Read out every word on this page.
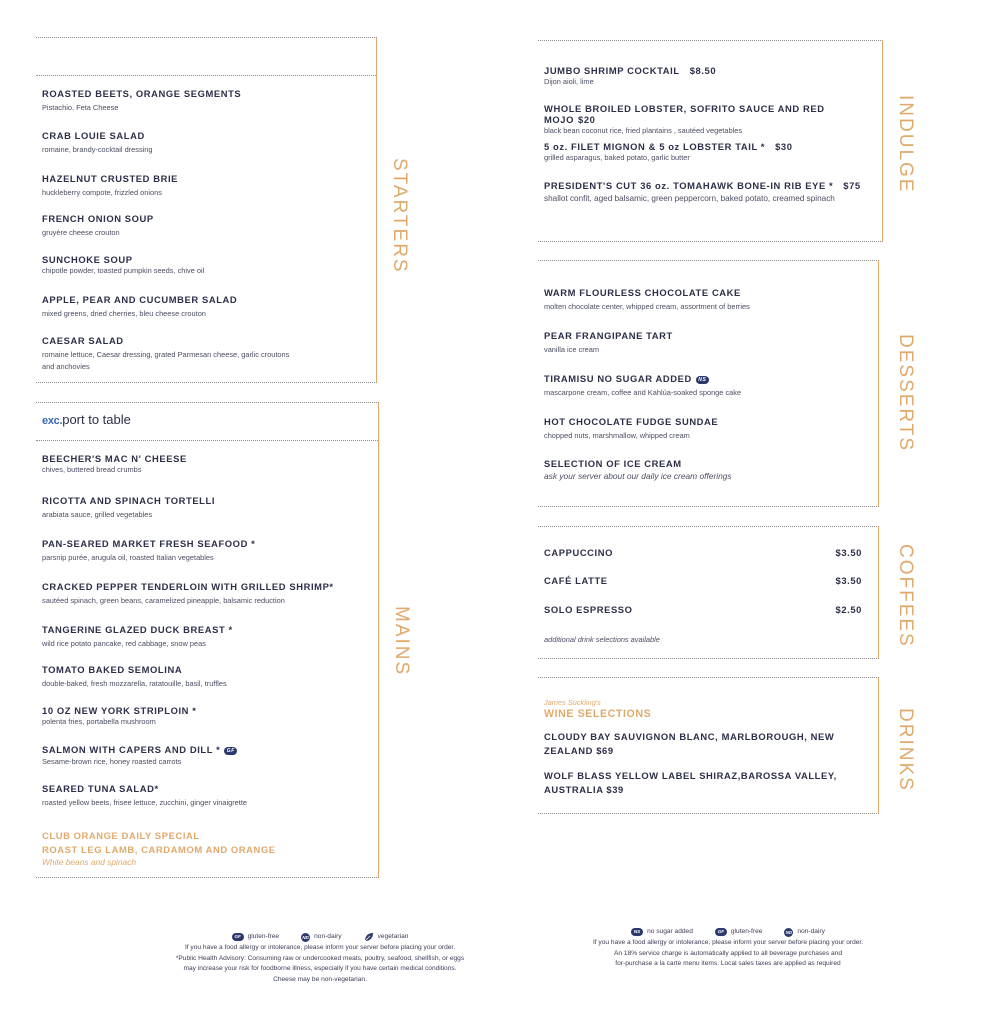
ROASTED BEETS, ORANGE SEGMENTS
Pistachio, Feta Cheese
CRAB LOUIE SALAD
romaine, brandy-cocktail dressing
HAZELNUT CRUSTED BRIE
huckleberry compote, frizzled onions
FRENCH ONION SOUP
gruyère cheese crouton
SUNCHOKE SOUP
chipotle powder, toasted pumpkin seeds, chive oil
APPLE, PEAR AND CUCUMBER SALAD
mixed greens, dried cherries, bleu cheese crouton
CAESAR SALAD
romaine lettuce, Caesar dressing, grated Parmesan cheese, garlic croutons
and anchovies
STARTERS
exc.port to table
BEECHER'S MAC N' CHEESE
chives, buttered bread crumbs
RICOTTA AND SPINACH TORTELLI
arabiata sauce, grilled vegetables
PAN-SEARED MARKET FRESH SEAFOOD *
parsnip purée, arugula oil, roasted Italian vegetables
CRACKED PEPPER TENDERLOIN WITH GRILLED SHRIMP*
sautéed spinach, green beans, caramelized pineapple, balsamic reduction
TANGERINE GLAZED DUCK BREAST *
wild rice potato pancake, red cabbage, snow peas
TOMATO BAKED SEMOLINA
double-baked, fresh mozzarella, ratatouille, basil, truffles
10 OZ NEW YORK STRIPLOIN *
polenta fries, portabella mushroom
SALMON WITH CAPERS AND DILL * GF
Sesame-brown rice, honey roasted carrots
SEARED TUNA SALAD*
roasted yellow beets, frisee lettuce, zucchini, ginger vinaigrette
CLUB ORANGE DAILY SPECIAL
ROAST LEG LAMB, CARDAMOM AND ORANGE
White beans and spinach
MAINS
JUMBO SHRIMP COCKTAIL $8.50
Dijon aioli, lime
WHOLE BROILED LOBSTER, SOFRITO SAUCE AND RED MOJO $20
black bean coconut rice, fried plantains , sautéed vegetables
5 oz. FILET MIGNON & 5 oz LOBSTER TAIL * $30
grilled asparagus, baked potato, garlic butter
PRESIDENT'S CUT 36 oz. TOMAHAWK BONE-IN RIB EYE * $75
shallot confit, aged balsamic, green peppercorn, baked potato, creamed spinach
INDULGE
WARM FLOURLESS CHOCOLATE CAKE
molten chocolate center, whipped cream, assortment of berries
PEAR FRANGIPANE TART
vanilla ice cream
TIRAMISU NO SUGAR ADDED NS
mascarpone cream, coffee and Kahlúa-soaked sponge cake
HOT CHOCOLATE FUDGE SUNDAE
chopped nuts, marshmallow, whipped cream
SELECTION OF ICE CREAM
ask your server about our daily ice cream offerings
DESSERTS
CAPPUCCINO	$3.50
CAFÉ LATTE	$3.50
SOLO ESPRESSO	$2.50
additional drink selections available	COFFEES
James Suckling's
WINE SELECTIONS
CLOUDY BAY SAUVIGNON BLANC, MARLBOROUGH, NEW
ZEALAND $69
WOLF BLASS YELLOW LABEL SHIRAZ,BAROSSA VALLEY,
AUSTRALIA $39	DRINKS
GF	gluten-free	ND non-dairy	vegetarian
If you have a food allergy or intolerance, please inform your server before placing your order.
*Public Health Advisory: Consuming raw or undercooked meats, poultry, seafood, shellfish, or eggs
may increase your risk for foodborne illness, especially if you have certain medical conditions.
Cheese may be non-vegetarian.
NS	no sugar added	GF	gluten-free	ND non-dairy
If you have a food allergy or intolerance, please inform your server before placing your order.
An 18% service charge is automatically applied to all beverage purchases and
for-purchase a la carte menu items. Local sales taxes are applied as required
